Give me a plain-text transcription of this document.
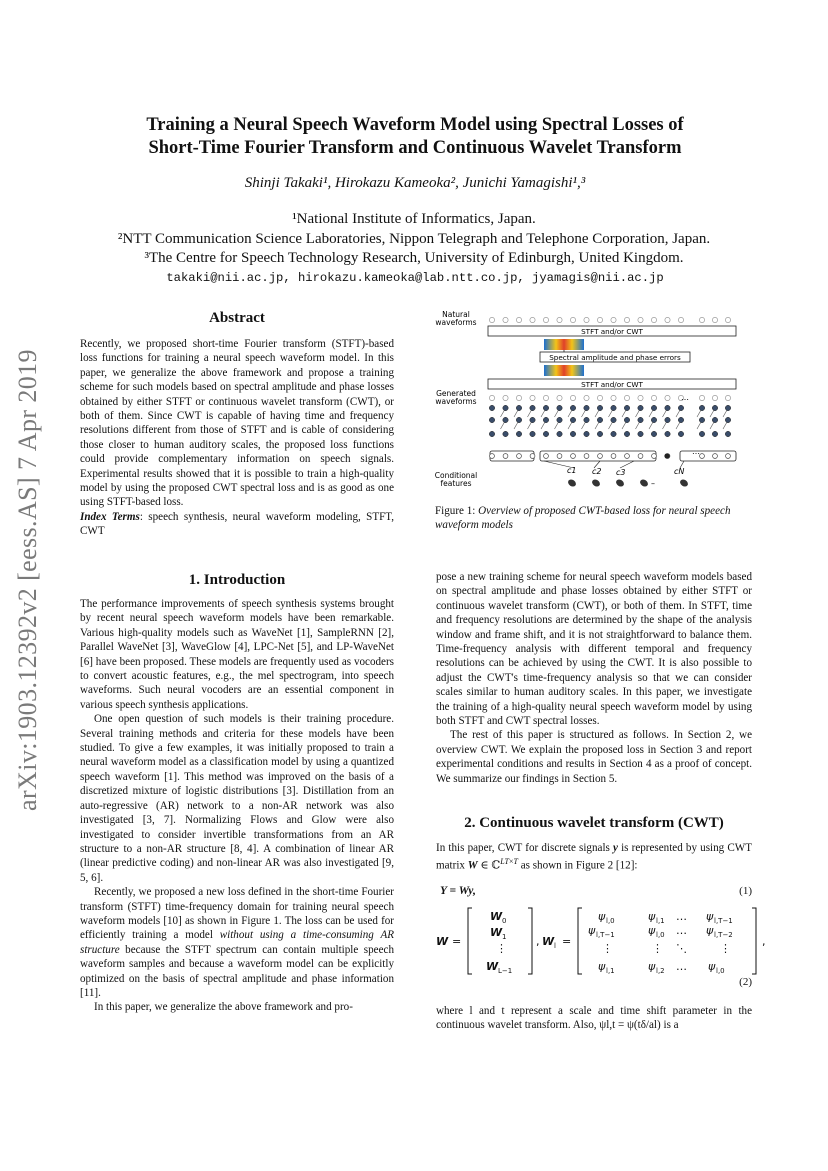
arXiv:1903.12392v2 [eess.AS] 7 Apr 2019
Training a Neural Speech Waveform Model using Spectral Losses of
Short-Time Fourier Transform and Continuous Wavelet Transform
Shinji Takaki¹, Hirokazu Kameoka², Junichi Yamagishi¹,³
¹National Institute of Informatics, Japan.
²NTT Communication Science Laboratories, Nippon Telegraph and Telephone Corporation, Japan.
³The Centre for Speech Technology Research, University of Edinburgh, United Kingdom.
takaki@nii.ac.jp, hirokazu.kameoka@lab.ntt.co.jp, jyamagis@nii.ac.jp
Abstract

Recently, we proposed short-time Fourier transform (STFT)-based loss functions for training a neural speech waveform model. In this paper, we generalize the above framework and propose a training scheme for such models based on spectral amplitude and phase losses obtained by either STFT or continuous wavelet transform (CWT), or both of them. Since CWT is capable of having time and frequency resolutions different from those of STFT and is cable of considering those closer to human auditory scales, the proposed loss functions could provide complementary information on speech signals. Experimental results showed that it is possible to train a high-quality model by using the proposed CWT spectral loss and is as good as one using STFT-based loss.

Index Terms: speech synthesis, neural waveform modeling, STFT, CWT

1. Introduction

The performance improvements of speech synthesis systems brought by recent neural speech waveform models have been remarkable. Various high-quality models such as WaveNet [1], SampleRNN [2], Parallel WaveNet [3], WaveGlow [4], LPC-Net [5], and LP-WaveNet [6] have been proposed. These models are frequently used as vocoders to convert acoustic features, e.g., the mel spectrogram, into speech waveforms. Such neural vocoders are an essential component in various speech synthesis applications.

One open question of such models is their training procedure. Several training methods and criteria for these models have been studied. To give a few examples, it was initially proposed to train a neural waveform model as a classification model by using a quantized speech waveform [1]. This method was improved on the basis of a discretized mixture of logistic distributions [3]. Distillation from an auto-regressive (AR) network to a non-AR network was also investigated [3, 7]. Normalizing Flows and Glow were also investigated to consider invertible transformations from an AR structure to a non-AR structure [8, 4]. A combination of linear AR (linear predictive coding) and non-linear AR was also investigated [9, 5, 6].

Recently, we proposed a new loss defined in the short-time Fourier transform (STFT) time-frequency domain for training neural speech waveform models [10] as shown in Figure 1. The loss can be used for efficiently training a model without using a time-consuming AR structure because the STFT spectrum can contain multiple speech waveform samples and because a waveform model can be explicitly optimized on the basis of spectral amplitude and phase information [11].

In this paper, we generalize the above framework and pro-

Natural
waveforms
STFT and/or CWT
Spectral amplitude and phase errors
STFT and/or CWT
Generated
waveforms	…
…
Conditional
features
c1 c2 c3	cN
–
Figure 1: Overview of proposed CWT-based loss for neural speech waveform models

pose a new training scheme for neural speech waveform models based on spectral amplitude and phase losses obtained by either STFT or continuous wavelet transform (CWT), or both of them. In STFT, time and frequency resolutions are determined by the shape of the analysis window and frame shift, and it is not straightforward to balance them. Time-frequency analysis with different temporal and frequency resolutions can be achieved by using the CWT. It is also possible to adjust the CWT's time-frequency analysis so that we can consider scales similar to human auditory scales. In this paper, we investigate the training of a high-quality neural speech waveform model by using both STFT and CWT spectral losses.

The rest of this paper is structured as follows. In Section 2, we overview CWT. We explain the proposed loss in Section 3 and report experimental conditions and results in Section 4 as a proof of concept. We summarize our findings in Section 5.

2. Continuous wavelet transform (CWT)

In this paper, CWT for discrete signals y is represented by using CWT matrix W ∈ ℂ$^{LT\times T}$ as shown in Figure 2 [12]:

Y = Wy,	(1)
W =
W 0
W 1
⋮
W L−1
, W l =
ψ l,0	ψ l,1 … ψ l,T−1
ψ l,T−1	ψ l,0 … ψ l,T−2
⋮	⋮ ⋱	⋮
ψ l,1	ψ l,2 … ψ l,0
,
(2)

where l and t represent a scale and time shift parameter in the continuous wavelet transform. Also, ψl,t = ψ(tδ/al) is a
